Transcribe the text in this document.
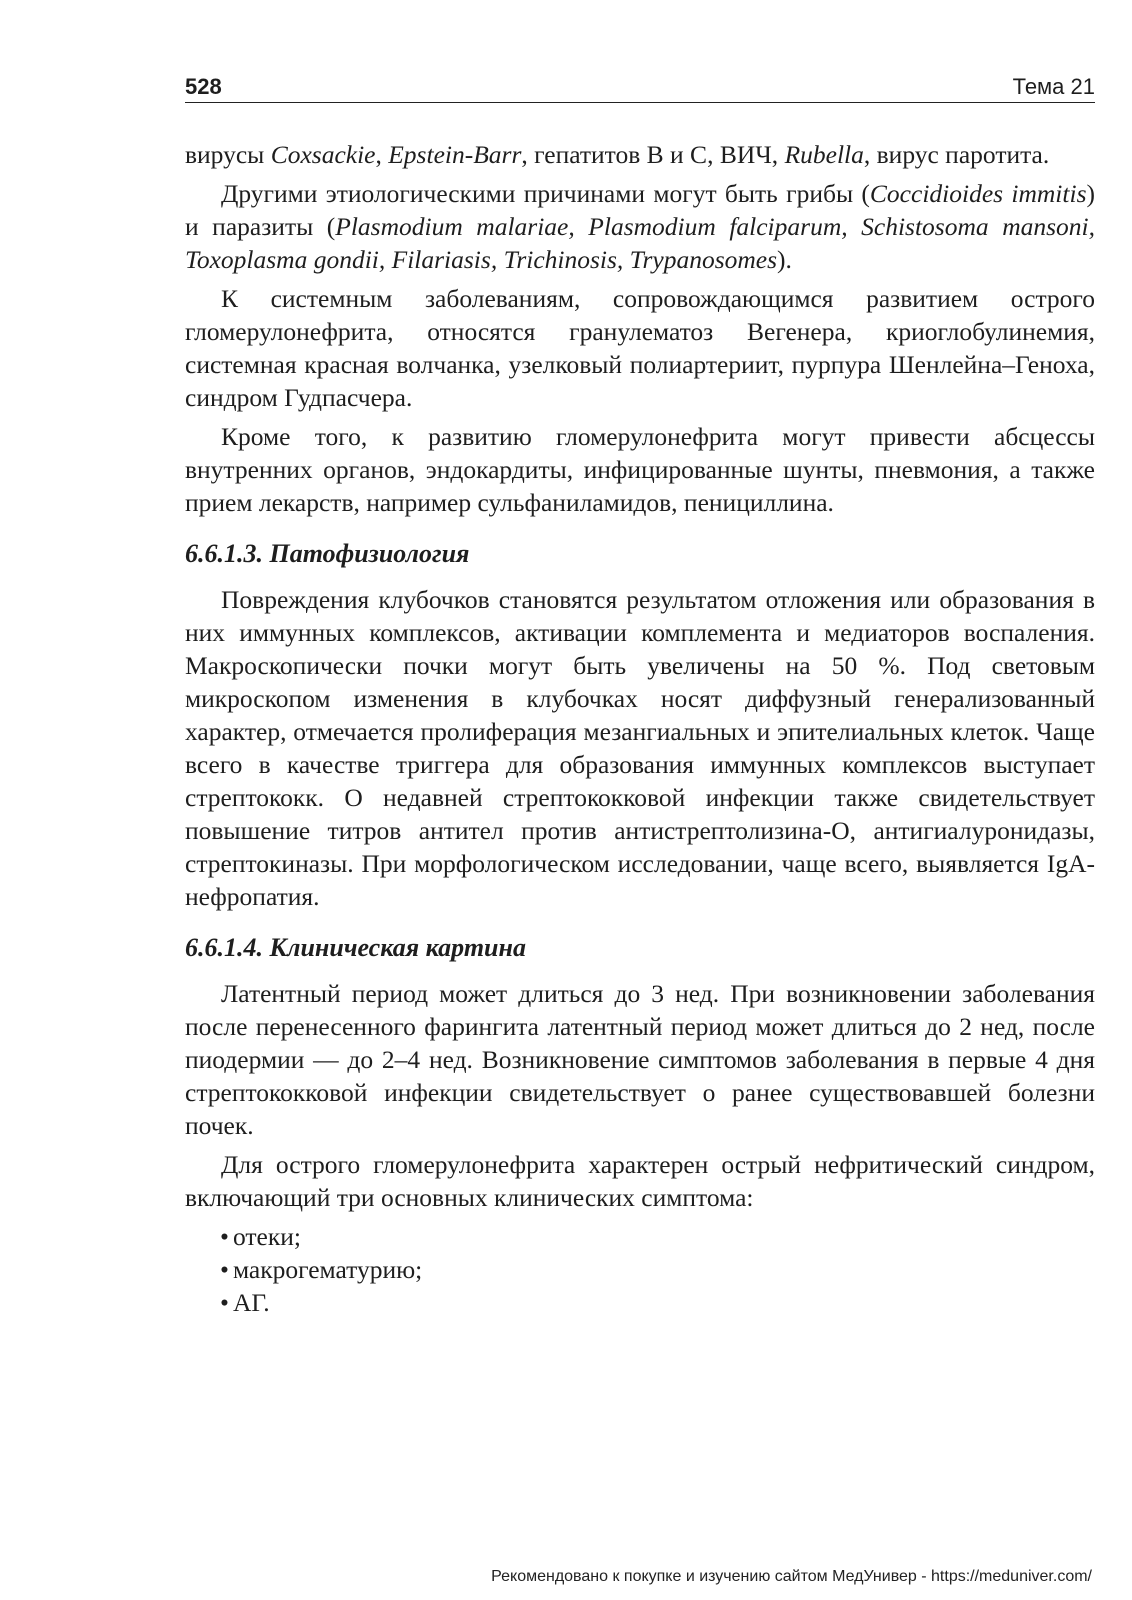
528	Тема 21

вирусы Coxsackie, Epstein-Barr, гепатитов B и C, ВИЧ, Rubella, вирус паротита.

Другими этиологическими причинами могут быть грибы (Coccidioides immitis) и паразиты (Plasmodium malariae, Plasmodium falciparum, Schistosoma mansoni, Toxoplasma gondii, Filariasis, Trichinosis, Trypanosomes).

К системным заболеваниям, сопровождающимся развитием острого гломерулонефрита, относятся гранулематоз Вегенера, криоглобулинемия, системная красная волчанка, узелковый полиартериит, пурпура Шенлейна–Геноха, синдром Гудпасчера.

Кроме того, к развитию гломерулонефрита могут привести абсцессы внутренних органов, эндокардиты, инфицированные шунты, пневмония, а также прием лекарств, например сульфаниламидов, пенициллина.

6.6.1.3. Патофизиология

Повреждения клубочков становятся результатом отложения или образования в них иммунных комплексов, активации комплемента и медиаторов воспаления. Макроскопически почки могут быть увеличены на 50 %. Под световым микроскопом изменения в клубочках носят диффузный генерализованный характер, отмечается пролиферация мезангиальных и эпителиальных клеток. Чаще всего в качестве триггера для образования иммунных комплексов выступает стрептококк. О недавней стрептококковой инфекции также свидетельствует повышение титров антител против антистрептолизина-О, антигиалуронидазы, стрептокиназы. При морфологическом исследовании, чаще всего, выявляется IgA-нефропатия.

6.6.1.4. Клиническая картина

Латентный период может длиться до 3 нед. При возникновении заболевания после перенесенного фарингита латентный период может длиться до 2 нед, после пиодермии — до 2–4 нед. Возникновение симптомов заболевания в первые 4 дня стрептококковой инфекции свидетельствует о ранее существовавшей болезни почек.

Для острого гломерулонефрита характерен острый нефритический синдром, включающий три основных клинических симптома:

• отеки;
• макрогематурию;
• АГ.
Рекомендовано к покупке и изучению сайтом МедУнивер - https://meduniver.com/
